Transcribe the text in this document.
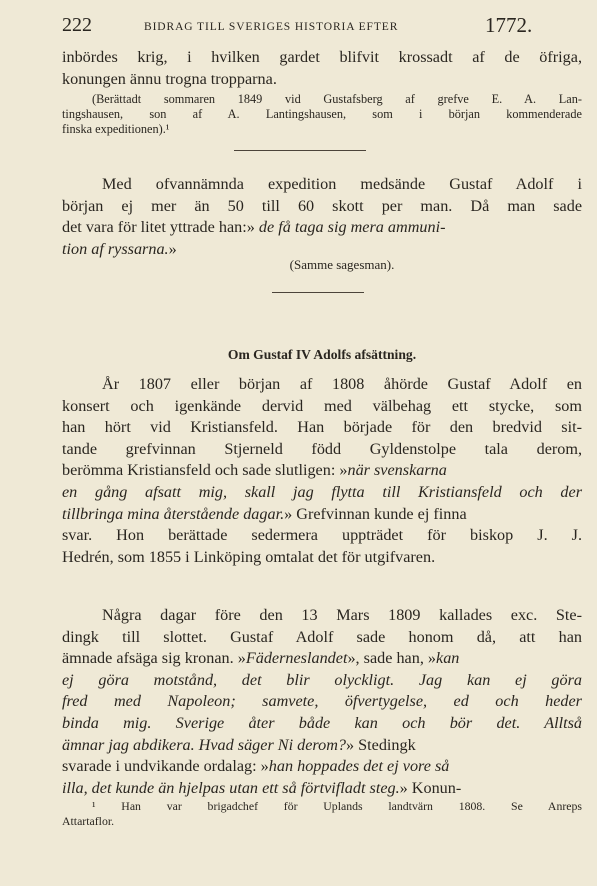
222	BIDRAG TILL SVERIGES HISTORIA EFTER	1772.
inbördes krig, i hvilken gardet blifvit krossadt af de öfriga,
konungen ännu trogna tropparna.
(Berättadt sommaren 1849 vid Gustafsberg af grefve E. A. Lan-
tingshausen, son af A. Lantingshausen, som i början kommenderade
finska expeditionen).¹
Med ofvannämnda expedition medsände Gustaf Adolf i
början ej mer än 50 till 60 skott per man. Då man sade
det vara för litet yttrade han:» de få taga sig mera ammuni-
tion af ryssarna.»
(Samme sagesman).
Om Gustaf IV Adolfs afsättning.
År 1807 eller början af 1808 åhörde Gustaf Adolf en
konsert och igenkände dervid med välbehag ett stycke, som
han hört vid Kristiansfeld. Han började för den bredvid sit-
tande grefvinnan Stjerneld född Gyldenstolpe tala derom,
berömma Kristiansfeld och sade slutligen: »när svenskarna
en gång afsatt mig, skall jag flytta till Kristiansfeld och der
tillbringa mina återstående dagar.» Grefvinnan kunde ej finna
svar. Hon berättade sedermera uppträdet för biskop J. J.
Hedrén, som 1855 i Linköping omtalat det för utgifvaren.
Några dagar före den 13 Mars 1809 kallades exc. Ste-
dingk till slottet. Gustaf Adolf sade honom då, att han
ämnade afsäga sig kronan. »Fäderneslandet», sade han, »kan
ej göra motstånd, det blir olyckligt. Jag kan ej göra
fred med Napoleon; samvete, öfvertygelse, ed och heder
binda mig. Sverige åter både kan och bör det. Alltså
ämnar jag abdikera. Hvad säger Ni derom?» Stedingk
svarade i undvikande ordalag: »han hoppades det ej vore så
illa, det kunde än hjelpas utan ett så förtvifladt steg.» Konun-
¹ Han var brigadchef för Uplands landtvärn 1808. Se Anreps
Attartaflor.
